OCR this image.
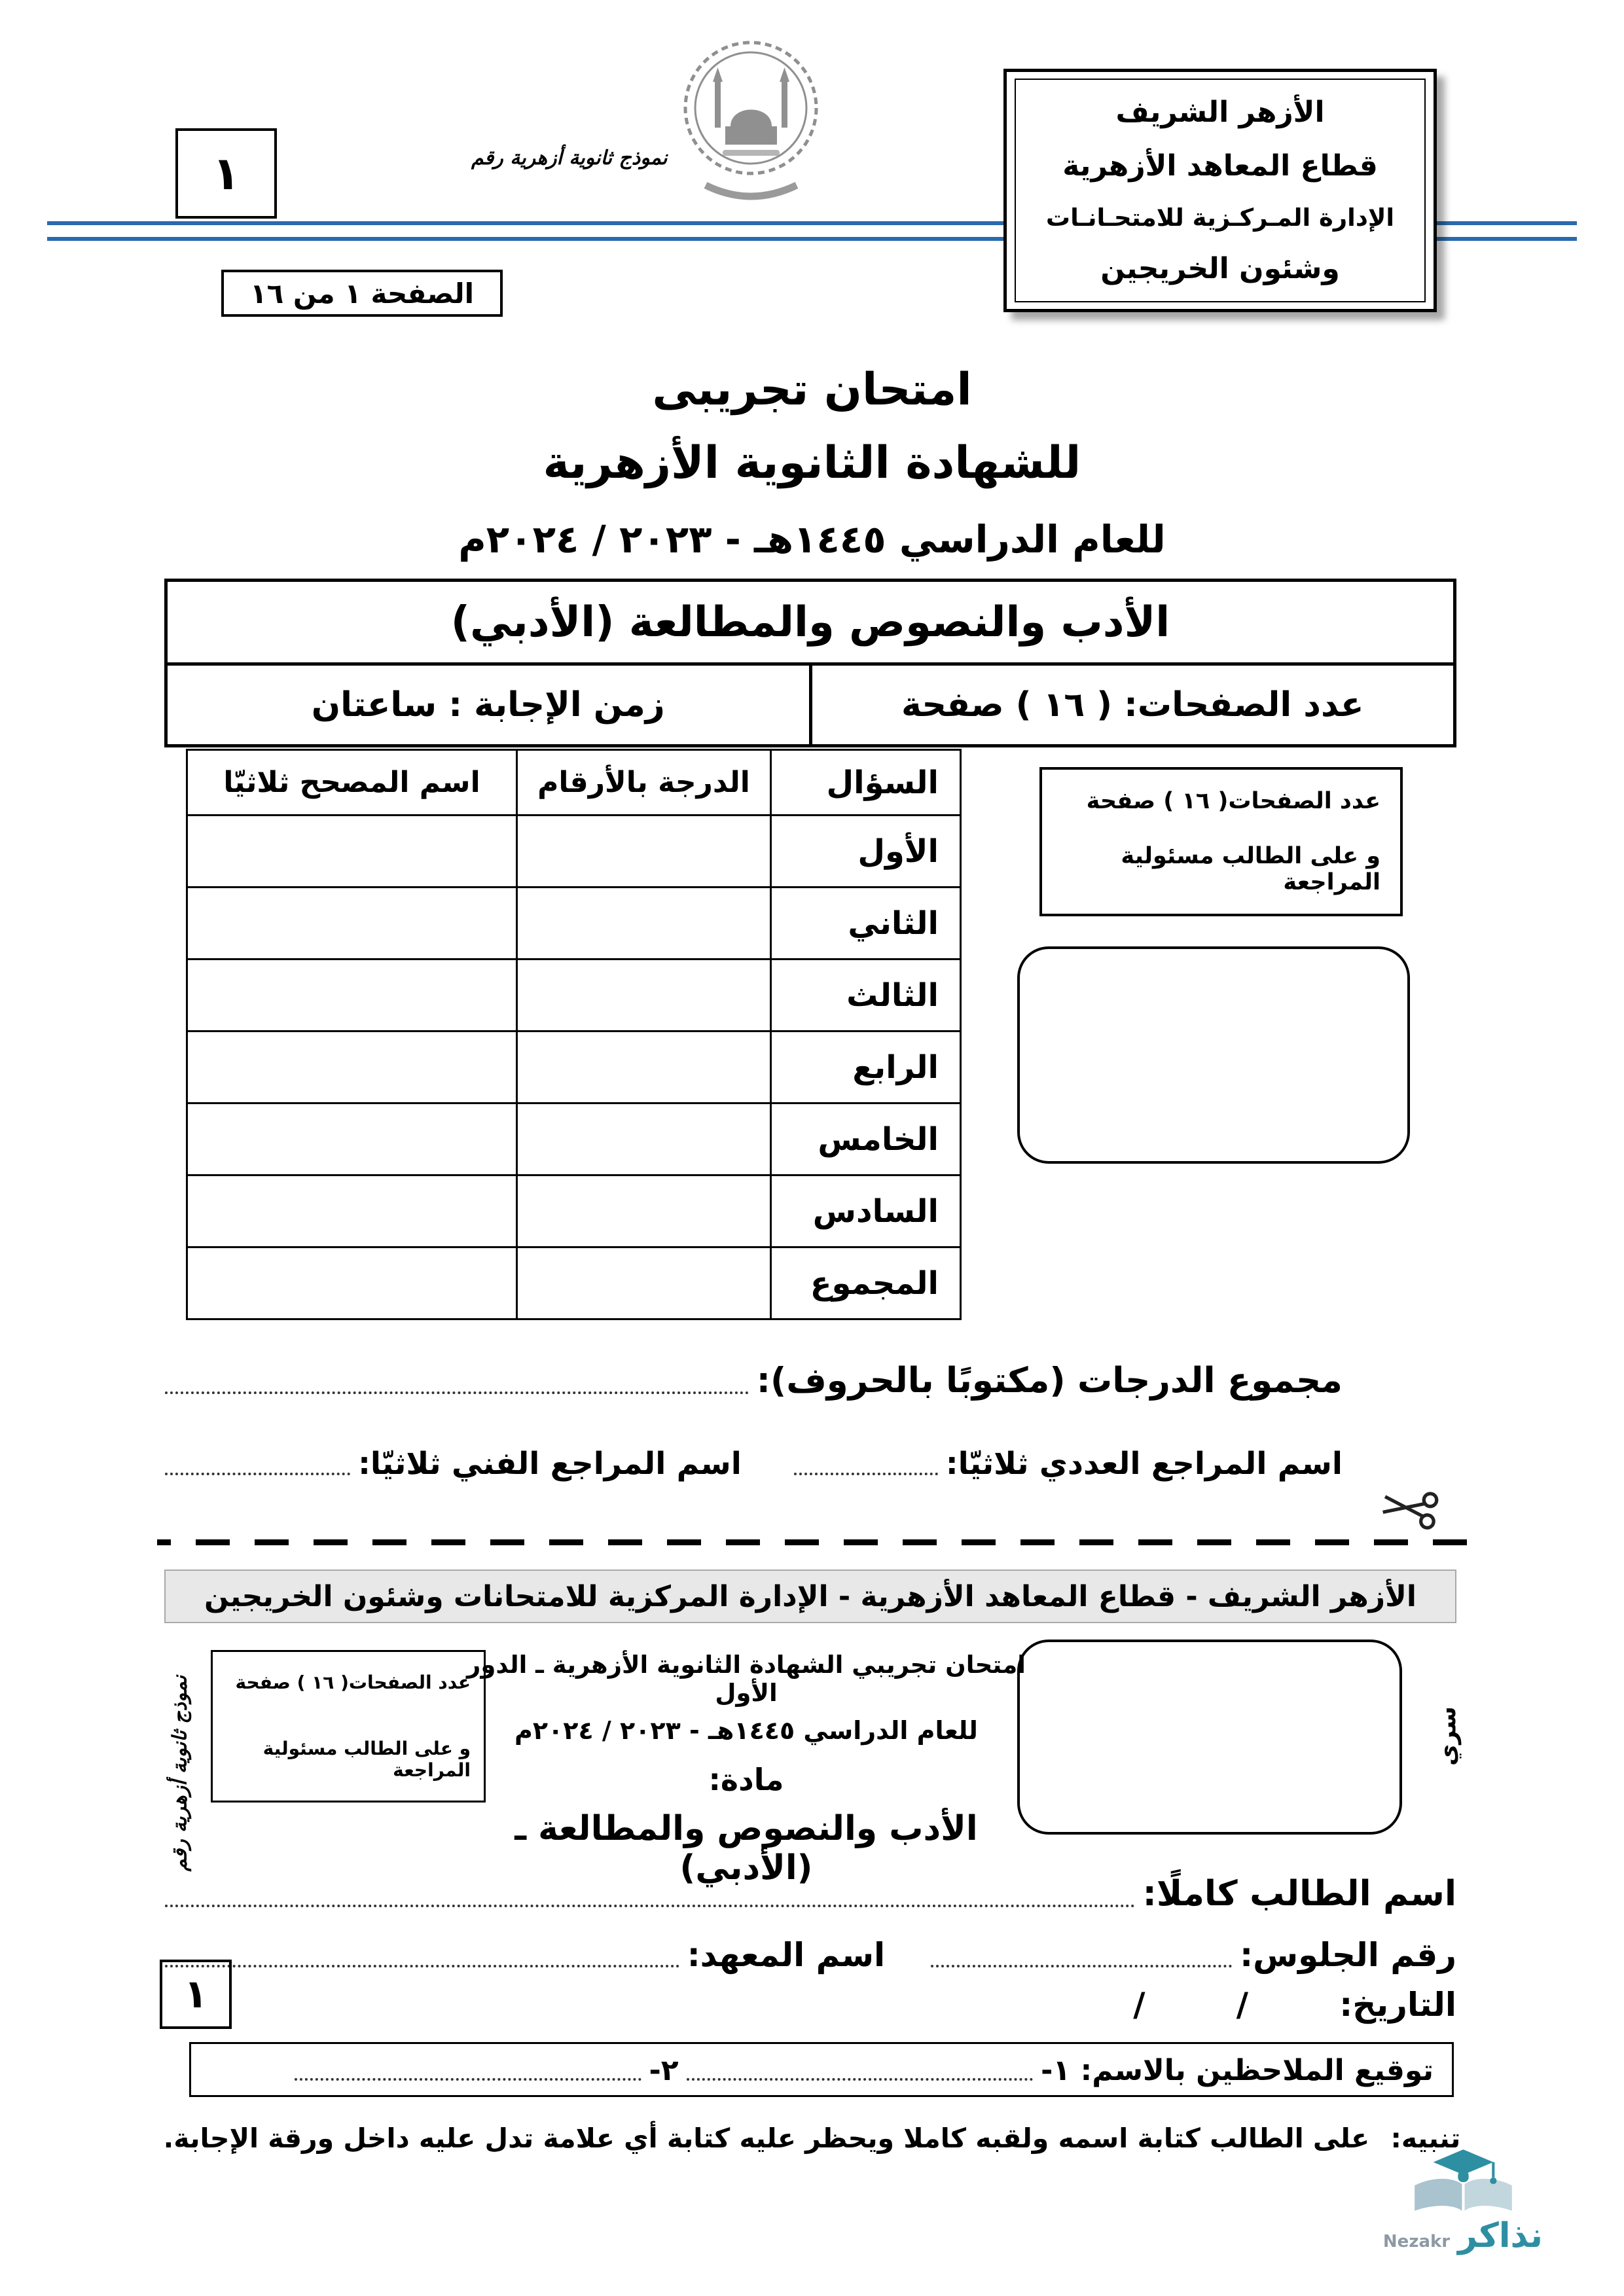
١	نموذج ثانوية أزهرية رقم
الأزهر الشريف
قطاع المعاهد الأزهرية
الإدارة المـركـزية للامتحـانـات
وشئون الخريجين
الصفحة ١ من ١٦
امتحان تجريبى
للشهادة الثانوية الأزهرية
للعام الدراسي ١٤٤٥هـ - ٢٠٢٣ / ٢٠٢٤م
الأدب والنصوص والمطالعة (الأدبي)
عدد الصفحات: ( ١٦ ) صفحة
زمن الإجابة : ساعتان
السؤال	الدرجة بالأرقام	اسم المصحح ثلاثيّا
الأول		
الثاني		
الثالث		
الرابع		
الخامس		
السادس		
المجموع		
عدد الصفحات( ١٦ ) صفحة
و على الطالب مسئولية المراجعة
مجموع الدرجات (مكتوبًا بالحروف):
اسم المراجع العددي ثلاثيّا:
اسم المراجع الفني ثلاثيّا:
الأزهر الشريف - قطاع المعاهد الأزهرية - الإدارة المركزية للامتحانات وشئون الخريجين
سري
عدد الصفحات( ١٦ ) صفحة
و على الطالب مسئولية المراجعة
نموذج ثانوية أزهرية رقم
امتحان تجريبي الشهادة الثانوية الأزهرية ـ الدور الأول
للعام الدراسي ١٤٤٥هـ - ٢٠٢٣ / ٢٠٢٤م
مادة:
الأدب والنصوص والمطالعة ـ (الأدبي)
اسم الطالب كاملًا:
رقم الجلوس:
اسم المعهد:
التاريخ:        /        /
١
توقيع الملاحظين بالاسم: ١-
٢-
تنبيه: على الطالب كتابة اسمه ولقبه كاملا ويحظر عليه كتابة أي علامة تدل عليه داخل ورقة الإجابة.
نذاكر
Nezakr
